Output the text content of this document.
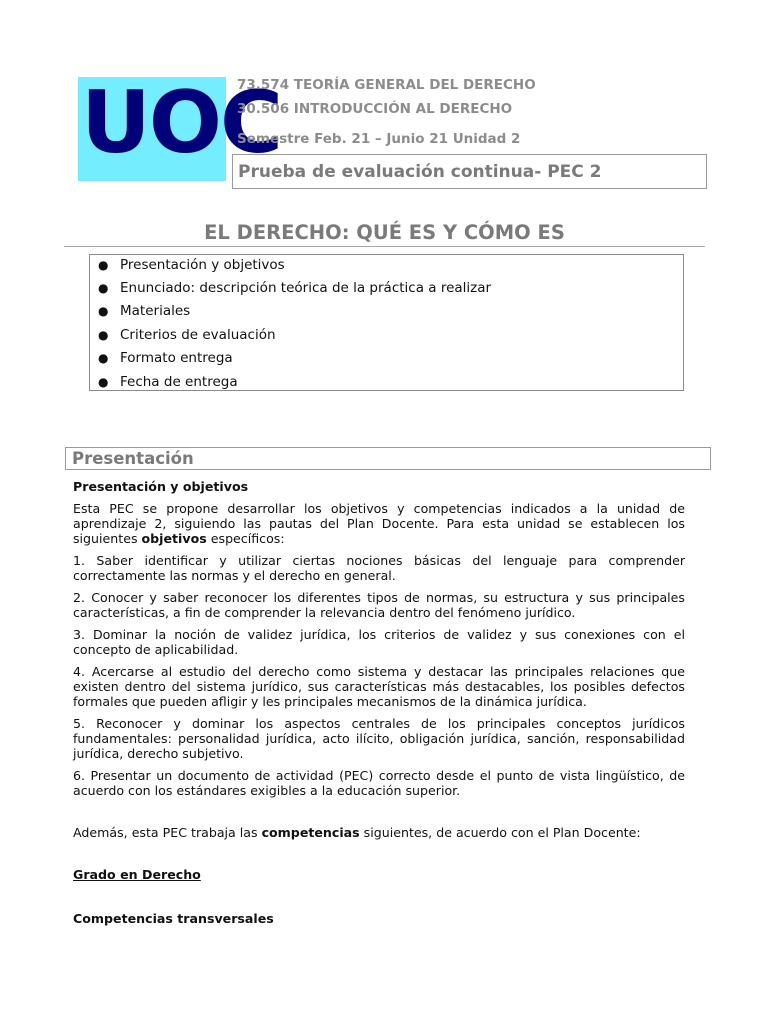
UOC
73.574 TEORÍA GENERAL DEL DERECHO
30.506 INTRODUCCIÓN AL DERECHO
Semestre Feb. 21 – Junio 21 Unidad 2
Prueba de evaluación continua- PEC 2
EL DERECHO: QUÉ ES Y CÓMO ES
● Presentación y objetivos
● Enunciado: descripción teórica de la práctica a realizar
● Materiales
● Criterios de evaluación
● Formato entrega
● Fecha de entrega
Presentación

Presentación y objetivos

Esta PEC se propone desarrollar los objetivos y competencias indicados a la unidad de aprendizaje 2, siguiendo las pautas del Plan Docente. Para esta unidad se establecen los siguientes objetivos específicos:

1. Saber identificar y utilizar ciertas nociones básicas del lenguaje para comprender correctamente las normas y el derecho en general.

2. Conocer y saber reconocer los diferentes tipos de normas, su estructura y sus principales características, a fin de comprender la relevancia dentro del fenómeno jurídico.

3. Dominar la noción de validez jurídica, los criterios de validez y sus conexiones con el concepto de aplicabilidad.

4. Acercarse al estudio del derecho como sistema y destacar las principales relaciones que existen dentro del sistema jurídico, sus características más destacables, los posibles defectos formales que pueden afligir y les principales mecanismos de la dinámica jurídica.

5. Reconocer y dominar los aspectos centrales de los principales conceptos jurídicos fundamentales: personalidad jurídica, acto ilícito, obligación jurídica, sanción, responsabilidad jurídica, derecho subjetivo.

6. Presentar un documento de actividad (PEC) correcto desde el punto de vista lingüístico, de acuerdo con los estándares exigibles a la educación superior.

Además, esta PEC trabaja las competencias siguientes, de acuerdo con el Plan Docente:

Grado en Derecho

Competencias transversales
